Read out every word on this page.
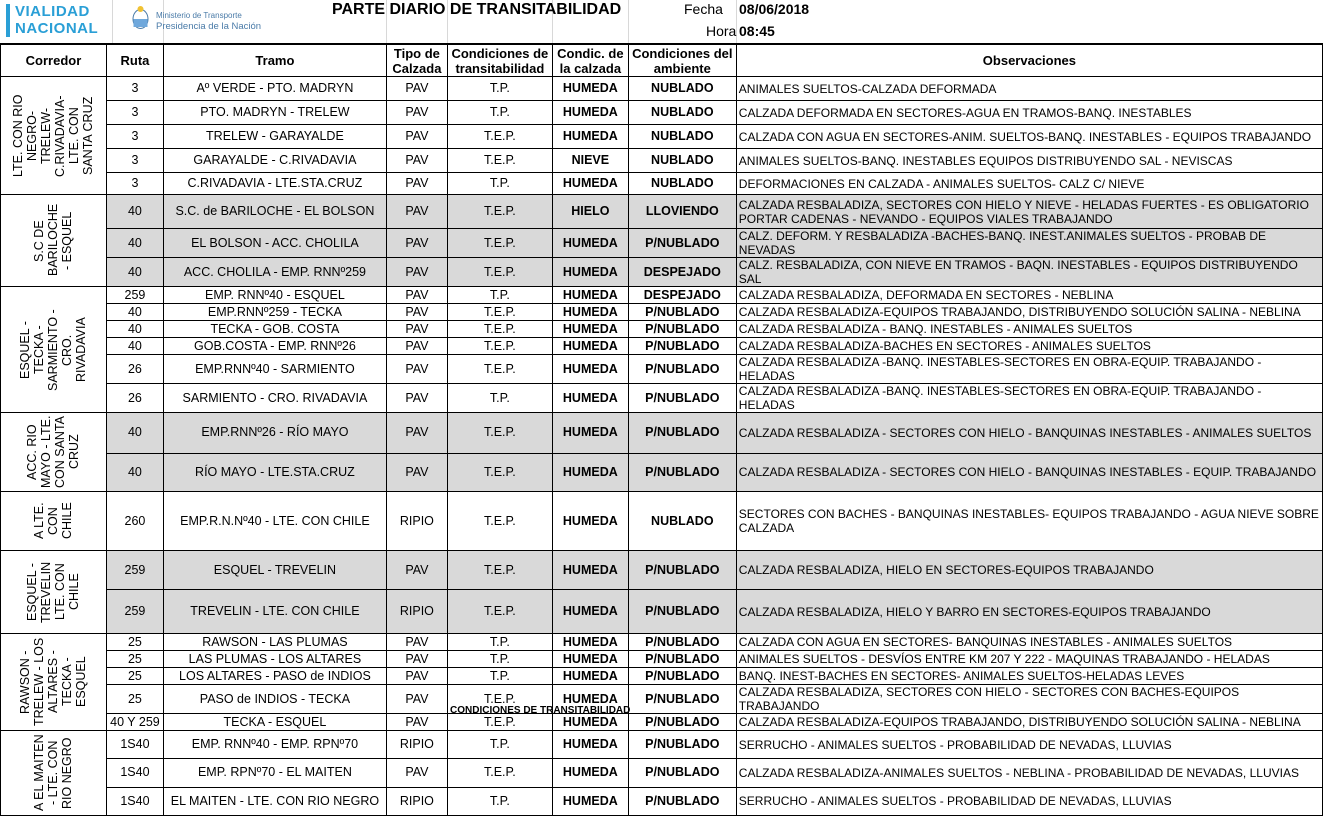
VIALIDAD
NACIONAL
Ministerio de Transporte
Presidencia de la Nación
PARTE DIARIO DE TRANSITABILIDAD	Fecha 08/06/2018
Hora 08:45
Corredor	Ruta	Tramo	Tipo de Calzada	Condiciones de transitabilidad	Condic. de la calzada	Condiciones del ambiente	Observaciones

LTE. CON RIO NEGRO-TRELEW-C.RIVADAVIA-LTE. CON SANTA CRUZ	3	Aº VERDE - PTO. MADRYN	PAV	T.P.	HUMEDA	NUBLADO	ANIMALES SUELTOS-CALZADA DEFORMADA
	3	PTO. MADRYN - TRELEW	PAV	T.P.	HUMEDA	NUBLADO	CALZADA DEFORMADA EN SECTORES-AGUA EN TRAMOS-BANQ. INESTABLES
	3	TRELEW - GARAYALDE	PAV	T.E.P.	HUMEDA	NUBLADO	CALZADA CON AGUA EN SECTORES-ANIM. SUELTOS-BANQ. INESTABLES - EQUIPOS TRABAJANDO
	3	GARAYALDE - C.RIVADAVIA	PAV	T.E.P.	NIEVE	NUBLADO	ANIMALES SUELTOS-BANQ. INESTABLES EQUIPOS DISTRIBUYENDO SAL - NEVISCAS
	3	C.RIVADAVIA - LTE.STA.CRUZ	PAV	T.P.	HUMEDA	NUBLADO	DEFORMACIONES EN CALZADA - ANIMALES SUELTOS- CALZ C/ NIEVE

S.C DE BARILOCHE - ESQUEL	40	S.C. de BARILOCHE - EL BOLSON	PAV	T.E.P.	HIELO	LLOVIENDO	CALZADA RESBALADIZA, SECTORES CON HIELO Y NIEVE - HELADAS FUERTES - ES OBLIGATORIO PORTAR CADENAS - NEVANDO - EQUIPOS VIALES TRABAJANDO
	40	EL BOLSON - ACC. CHOLILA	PAV	T.E.P.	HUMEDA	P/NUBLADO	CALZ. DEFORM. Y RESBALADIZA -BACHES-BANQ. INEST.ANIMALES SUELTOS - PROBAB DE NEVADAS
	40	ACC. CHOLILA - EMP. RNNº259	PAV	T.E.P.	HUMEDA	DESPEJADO	CALZ. RESBALADIZA, CON NIEVE EN TRAMOS - BAQN. INESTABLES - EQUIPOS DISTRIBUYENDO SAL

ESQUEL - TECKA - SARMIENTO - CRO. RIVADAVIA	259	EMP. RNNº40 - ESQUEL	PAV	T.P.	HUMEDA	DESPEJADO	CALZADA RESBALADIZA, DEFORMADA EN SECTORES - NEBLINA
	40	EMP.RNNº259 - TECKA	PAV	T.E.P.	HUMEDA	P/NUBLADO	CALZADA RESBALADIZA-EQUIPOS TRABAJANDO, DISTRIBUYENDO SOLUCIÓN SALINA - NEBLINA
	40	TECKA - GOB. COSTA	PAV	T.E.P.	HUMEDA	P/NUBLADO	CALZADA RESBALADIZA - BANQ. INESTABLES - ANIMALES SUELTOS
	40	GOB.COSTA - EMP. RNNº26	PAV	T.E.P.	HUMEDA	P/NUBLADO	CALZADA RESBALADIZA-BACHES EN SECTORES - ANIMALES SUELTOS
	26	EMP.RNNº40 - SARMIENTO	PAV	T.E.P.	HUMEDA	P/NUBLADO	CALZADA RESBALADIZA -BANQ. INESTABLES-SECTORES EN OBRA-EQUIP. TRABAJANDO - HELADAS
	26	SARMIENTO - CRO. RIVADAVIA	PAV	T.P.	HUMEDA	P/NUBLADO	CALZADA RESBALADIZA -BANQ. INESTABLES-SECTORES EN OBRA-EQUIP. TRABAJANDO - HELADAS

ACC. RIO MAYO - LTE. CON SANTA CRUZ	40	EMP.RNNº26 - RÍO MAYO	PAV	T.E.P.	HUMEDA	P/NUBLADO	CALZADA RESBALADIZA - SECTORES CON HIELO - BANQUINAS INESTABLES - ANIMALES SUELTOS
	40	RÍO MAYO - LTE.STA.CRUZ	PAV	T.E.P.	HUMEDA	P/NUBLADO	CALZADA RESBALADIZA - SECTORES CON HIELO - BANQUINAS INESTABLES - EQUIP. TRABAJANDO

A LTE. CON CHILE	260	EMP.R.N.Nº40 - LTE. CON CHILE	RIPIO	T.E.P.	HUMEDA	NUBLADO	SECTORES CON BACHES - BANQUINAS INESTABLES- EQUIPOS TRABAJANDO - AGUA NIEVE SOBRE CALZADA

ESQUEL - TREVELIN LTE. CON CHILE	259	ESQUEL - TREVELIN	PAV	T.E.P.	HUMEDA	P/NUBLADO	CALZADA RESBALADIZA, HIELO EN SECTORES-EQUIPOS TRABAJANDO
	259	TREVELIN - LTE. CON CHILE	RIPIO	T.E.P.	HUMEDA	P/NUBLADO	CALZADA RESBALADIZA, HIELO Y BARRO EN SECTORES-EQUIPOS TRABAJANDO

RAWSON - TRELEW - LOS ALTARES - TECKA - ESQUEL	25	RAWSON - LAS PLUMAS	PAV	T.P.	HUMEDA	P/NUBLADO	CALZADA CON AGUA EN SECTORES- BANQUINAS INESTABLES - ANIMALES SUELTOS
	25	LAS PLUMAS - LOS ALTARES	PAV	T.P.	HUMEDA	P/NUBLADO	ANIMALES SUELTOS - DESVÍOS ENTRE KM 207 Y 222 - MAQUINAS TRABAJANDO - HELADAS
	25	LOS ALTARES - PASO de INDIOS	PAV	T.P.	HUMEDA	P/NUBLADO	BANQ. INEST-BACHES EN SECTORES- ANIMALES SUELTOS-HELADAS LEVES
	25	PASO de INDIOS - TECKA	PAV	T.E.P.	HUMEDA	P/NUBLADO	CALZADA RESBALADIZA, SECTORES CON HIELO - SECTORES CON BACHES-EQUIPOS TRABAJANDO
	40 Y 259	TECKA - ESQUEL	PAV	T.E.P.	HUMEDA	P/NUBLADO	CALZADA RESBALADIZA-EQUIPOS TRABAJANDO, DISTRIBUYENDO SOLUCIÓN SALINA - NEBLINA

A EL MAITEN - LTE. CON RIO NEGRO	1S40	EMP. RNNº40 - EMP. RPNº70	RIPIO	T.P.	HUMEDA	P/NUBLADO	SERRUCHO - ANIMALES SUELTOS - PROBABILIDAD DE NEVADAS, LLUVIAS
	1S40	EMP. RPNº70 - EL MAITEN	PAV	T.E.P.	HUMEDA	P/NUBLADO	CALZADA RESBALADIZA-ANIMALES SUELTOS - NEBLINA - PROBABILIDAD DE NEVADAS, LLUVIAS
	1S40	EL MAITEN - LTE. CON RIO NEGRO	RIPIO	T.P.	HUMEDA	P/NUBLADO	SERRUCHO - ANIMALES SUELTOS - PROBABILIDAD DE NEVADAS, LLUVIAS
CONDICIONES DE TRANSITABILIDAD
